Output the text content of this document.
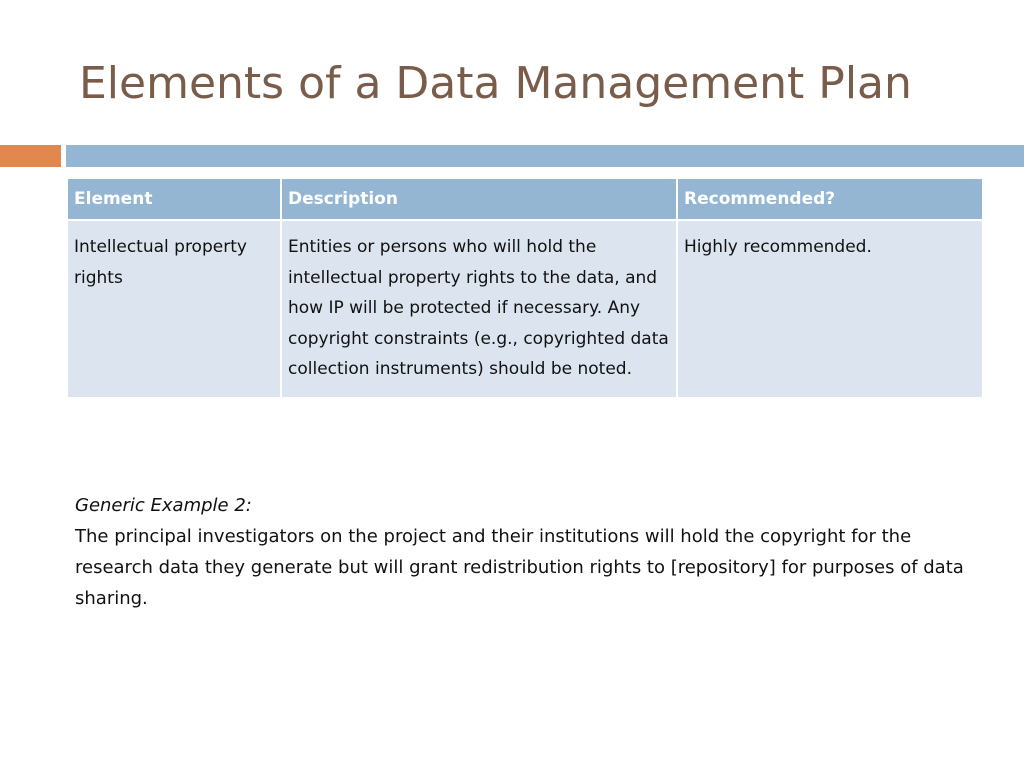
Elements of a Data Management Plan
Element	Description	Recommended?
Intellectual property rights	Entities or persons who will hold the intellectual property rights to the data, and how IP will be protected if necessary. Any copyright constraints (e.g., copyrighted data collection instruments) should be noted.	Highly recommended.
Generic Example 2:
The principal investigators on the project and their institutions will hold the copyright for the research data they generate but will grant redistribution rights to [repository] for purposes of data sharing.
